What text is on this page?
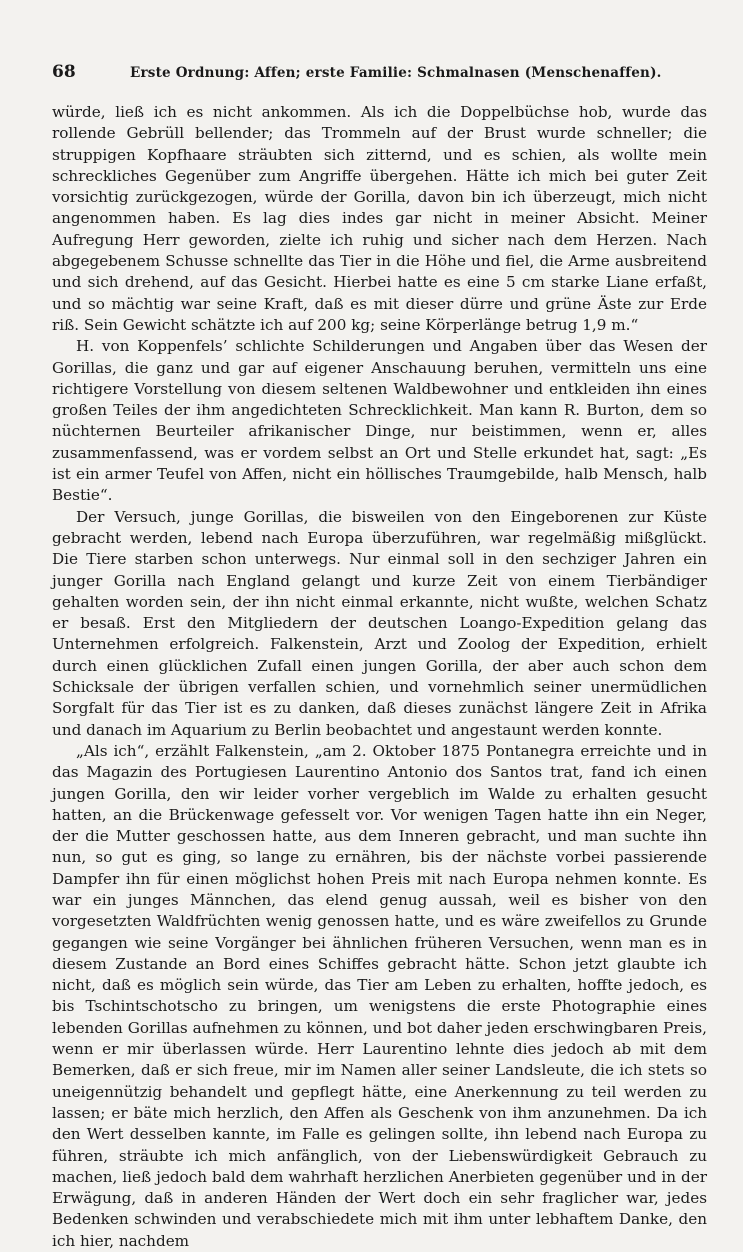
68	Erste Ordnung: Affen; erste Familie: Schmalnasen (Menschenaffen).

würde, ließ ich es nicht ankommen. Als ich die Doppelbüchse hob, wurde das rollende Gebrüll bellender; das Trommeln auf der Brust wurde schneller; die struppigen Kopfhaare sträubten sich zitternd, und es schien, als wollte mein schreckliches Gegenüber zum Angriffe übergehen. Hätte ich mich bei guter Zeit vorsichtig zurückgezogen, würde der Gorilla, davon bin ich überzeugt, mich nicht angenommen haben. Es lag dies indes gar nicht in meiner Absicht. Meiner Aufregung Herr geworden, zielte ich ruhig und sicher nach dem Herzen. Nach abgegebenem Schusse schnellte das Tier in die Höhe und fiel, die Arme ausbreitend und sich drehend, auf das Gesicht. Hierbei hatte es eine 5 cm starke Liane erfaßt, und so mächtig war seine Kraft, daß es mit dieser dürre und grüne Äste zur Erde riß. Sein Gewicht schätzte ich auf 200 kg; seine Körperlänge betrug 1,9 m.“

H. von Koppenfels’ schlichte Schilderungen und Angaben über das Wesen der Gorillas, die ganz und gar auf eigener Anschauung beruhen, vermitteln uns eine richtigere Vorstellung von diesem seltenen Waldbewohner und entkleiden ihn eines großen Teiles der ihm angedichteten Schrecklichkeit. Man kann R. Burton, dem so nüchternen Beurteiler afrikanischer Dinge, nur beistimmen, wenn er, alles zusammenfassend, was er vordem selbst an Ort und Stelle erkundet hat, sagt: „Es ist ein armer Teufel von Affen, nicht ein höllisches Traumgebilde, halb Mensch, halb Bestie“.

Der Versuch, junge Gorillas, die bisweilen von den Eingeborenen zur Küste gebracht werden, lebend nach Europa überzuführen, war regelmäßig mißglückt. Die Tiere starben schon unterwegs. Nur einmal soll in den sechziger Jahren ein junger Gorilla nach England gelangt und kurze Zeit von einem Tierbändiger gehalten worden sein, der ihn nicht einmal erkannte, nicht wußte, welchen Schatz er besaß. Erst den Mitgliedern der deutschen Loango-Expedition gelang das Unternehmen erfolgreich. Falkenstein, Arzt und Zoolog der Expedition, erhielt durch einen glücklichen Zufall einen jungen Gorilla, der aber auch schon dem Schicksale der übrigen verfallen schien, und vornehmlich seiner unermüdlichen Sorgfalt für das Tier ist es zu danken, daß dieses zunächst längere Zeit in Afrika und danach im Aquarium zu Berlin beobachtet und angestaunt werden konnte.

„Als ich“, erzählt Falkenstein, „am 2. Oktober 1875 Pontanegra erreichte und in das Magazin des Portugiesen Laurentino Antonio dos Santos trat, fand ich einen jungen Gorilla, den wir leider vorher vergeblich im Walde zu erhalten gesucht hatten, an die Brückenwage gefesselt vor. Vor wenigen Tagen hatte ihn ein Neger, der die Mutter geschossen hatte, aus dem Inneren gebracht, und man suchte ihn nun, so gut es ging, so lange zu ernähren, bis der nächste vorbei passierende Dampfer ihn für einen möglichst hohen Preis mit nach Europa nehmen konnte. Es war ein junges Männchen, das elend genug aussah, weil es bisher von den vorgesetzten Waldfrüchten wenig genossen hatte, und es wäre zweifellos zu Grunde gegangen wie seine Vorgänger bei ähnlichen früheren Versuchen, wenn man es in diesem Zustande an Bord eines Schiffes gebracht hätte. Schon jetzt glaubte ich nicht, daß es möglich sein würde, das Tier am Leben zu erhalten, hoffte jedoch, es bis Tschintschotscho zu bringen, um wenigstens die erste Photographie eines lebenden Gorillas aufnehmen zu können, und bot daher jeden erschwingbaren Preis, wenn er mir überlassen würde. Herr Laurentino lehnte dies jedoch ab mit dem Bemerken, daß er sich freue, mir im Namen aller seiner Landsleute, die ich stets so uneigennützig behandelt und gepflegt hätte, eine Anerkennung zu teil werden zu lassen; er bäte mich herzlich, den Affen als Geschenk von ihm anzunehmen. Da ich den Wert desselben kannte, im Falle es gelingen sollte, ihn lebend nach Europa zu führen, sträubte ich mich anfänglich, von der Liebenswürdigkeit Gebrauch zu machen, ließ jedoch bald dem wahrhaft herzlichen Anerbieten gegenüber und in der Erwägung, daß in anderen Händen der Wert doch ein sehr fraglicher war, jedes Bedenken schwinden und verabschiedete mich mit ihm unter lebhaftem Danke, den ich hier, nachdem
